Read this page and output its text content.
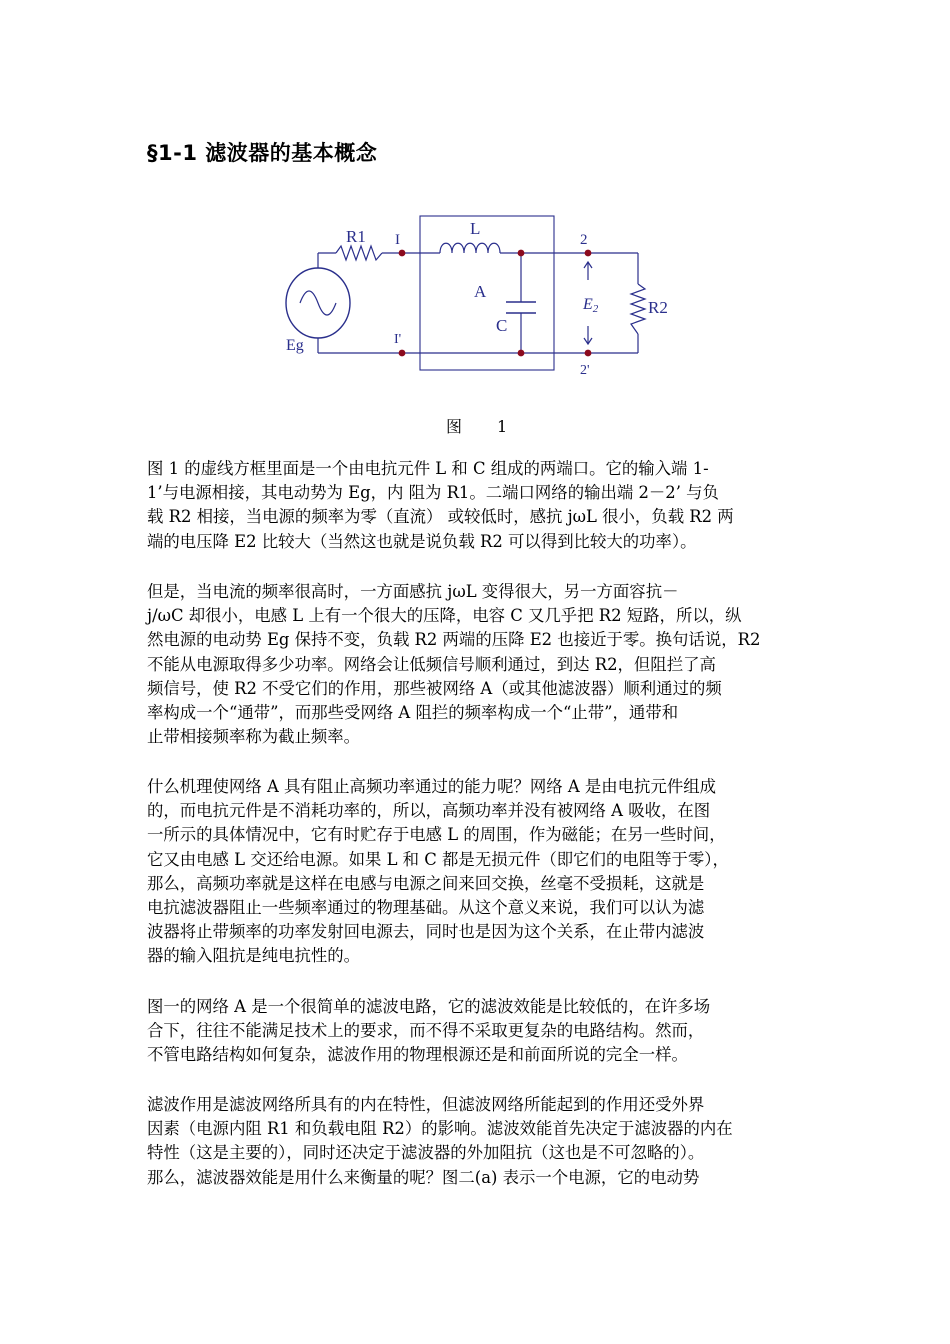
§1-1 滤波器的基本概念
R1 I
L
2
A
C
E2	R2
Eg	I'
2'
图 1
图 1 的虚线方框里面是一个由电抗元件 L 和 C 组成的两端口。它的输入端 1-
1’与电源相接，其电动势为 Eg，内 阻为 R1。二端口网络的输出端 2－2’ 与负
载 R2 相接，当电源的频率为零（直流） 或较低时，感抗 jωL 很小，负载 R2 两
端的电压降 E2 比较大（当然这也就是说负载 R2 可以得到比较大的功率）。
但是，当电流的频率很高时，一方面感抗 jωL 变得很大，另一方面容抗－
j/ωC 却很小，电感 L 上有一个很大的压降，电容 C 又几乎把 R2 短路，所以，纵
然电源的电动势 Eg 保持不变，负载 R2 两端的压降 E2 也接近于零。换句话说，R2
不能从电源取得多少功率。网络会让低频信号顺利通过，到达 R2，但阻拦了高
频信号，使 R2 不受它们的作用，那些被网络 A（或其他滤波器）顺利通过的频
率构成一个“通带”，而那些受网络 A 阻拦的频率构成一个“止带”，通带和
止带相接频率称为截止频率。
什么机理使网络 A 具有阻止高频功率通过的能力呢？网络 A 是由电抗元件组成
的，而电抗元件是不消耗功率的，所以，高频功率并没有被网络 A 吸收，在图
一所示的具体情况中，它有时贮存于电感 L 的周围，作为磁能；在另一些时间，
它又由电感 L 交还给电源。如果 L 和 C 都是无损元件（即它们的电阻等于零），
那么，高频功率就是这样在电感与电源之间来回交换，丝毫不受损耗，这就是
电抗滤波器阻止一些频率通过的物理基础。从这个意义来说，我们可以认为滤
波器将止带频率的功率发射回电源去，同时也是因为这个关系，在止带内滤波
器的输入阻抗是纯电抗性的。
图一的网络 A 是一个很简单的滤波电路，它的滤波效能是比较低的，在许多场
合下，往往不能满足技术上的要求，而不得不采取更复杂的电路结构。然而，
不管电路结构如何复杂，滤波作用的物理根源还是和前面所说的完全一样。
滤波作用是滤波网络所具有的内在特性，但滤波网络所能起到的作用还受外界
因素（电源内阻 R1 和负载电阻 R2）的影响。滤波效能首先决定于滤波器的内在
特性（这是主要的），同时还决定于滤波器的外加阻抗（这也是不可忽略的）。
那么，滤波器效能是用什么来衡量的呢？图二(a) 表示一个电源，它的电动势
